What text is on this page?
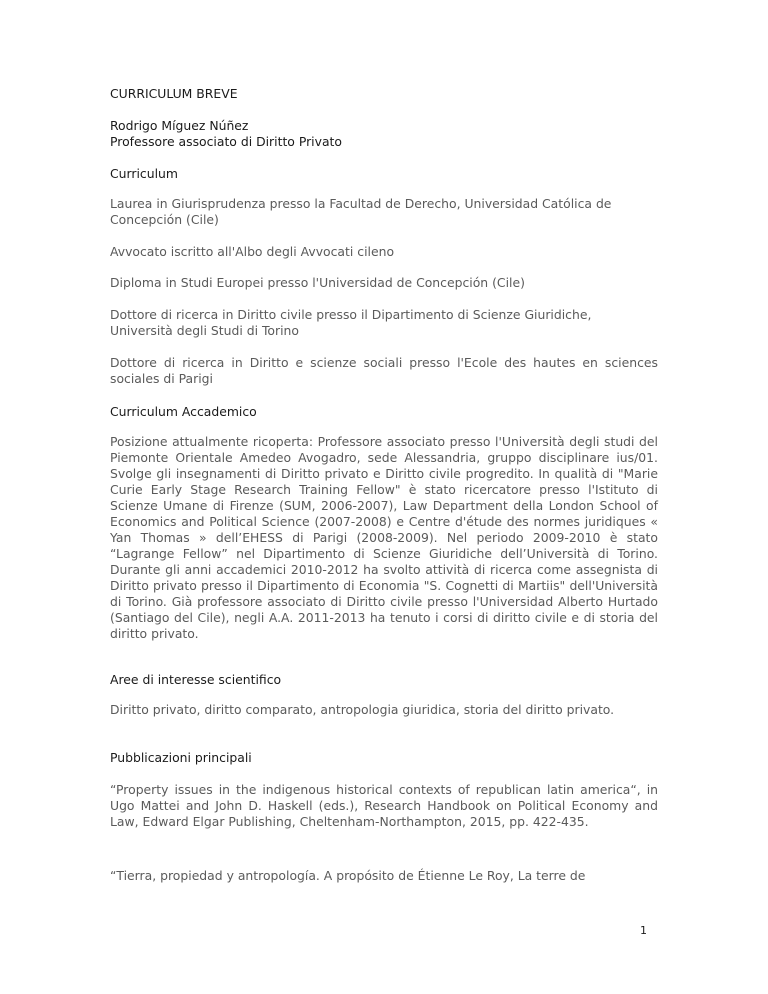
CURRICULUM BREVE
Rodrigo Míguez Núñez
Professore associato di Diritto Privato
Curriculum
Laurea in Giurisprudenza presso la Facultad de Derecho, Universidad Católica de Concepción (Cile)
Avvocato iscritto all'Albo degli Avvocati cileno
Diploma in Studi Europei presso l'Universidad de Concepción (Cile)
Dottore di ricerca in Diritto civile presso il Dipartimento di Scienze Giuridiche, Università degli Studi di Torino
Dottore di ricerca in Diritto e scienze sociali presso l'Ecole des hautes en sciences sociales di Parigi
Curriculum Accademico
Posizione attualmente ricoperta: Professore associato presso l'Università degli studi del Piemonte Orientale Amedeo Avogadro, sede Alessandria, gruppo disciplinare ius/01. Svolge gli insegnamenti di Diritto privato e Diritto civile progredito. In qualità di "Marie Curie Early Stage Research Training Fellow" è stato ricercatore presso l'Istituto di Scienze Umane di Firenze (SUM, 2006-2007), Law Department della London School of Economics and Political Science (2007-2008) e Centre d'étude des normes juridiques « Yan Thomas » dell’EHESS di Parigi (2008-2009). Nel periodo 2009-2010 è stato “Lagrange Fellow” nel Dipartimento di Scienze Giuridiche dell’Università di Torino. Durante gli anni accademici 2010-2012 ha svolto attività di ricerca come assegnista di Diritto privato presso il Dipartimento di Economia "S. Cognetti di Martiis" dell'Università di Torino. Già professore associato di Diritto civile presso l'Universidad Alberto Hurtado (Santiago del Cile), negli A.A. 2011-2013 ha tenuto i corsi di diritto civile e di storia del diritto privato.
Aree di interesse scientifico
Diritto privato, diritto comparato, antropologia giuridica, storia del diritto privato.
Pubblicazioni principali
“Property issues in the indigenous historical contexts of republican latin america“, in Ugo Mattei and John D. Haskell (eds.), Research Handbook on Political Economy and Law, Edward Elgar Publishing, Cheltenham-Northampton, 2015, pp. 422-435.
“Tierra, propiedad y antropología. A propósito de Étienne Le Roy, La terre de
1
